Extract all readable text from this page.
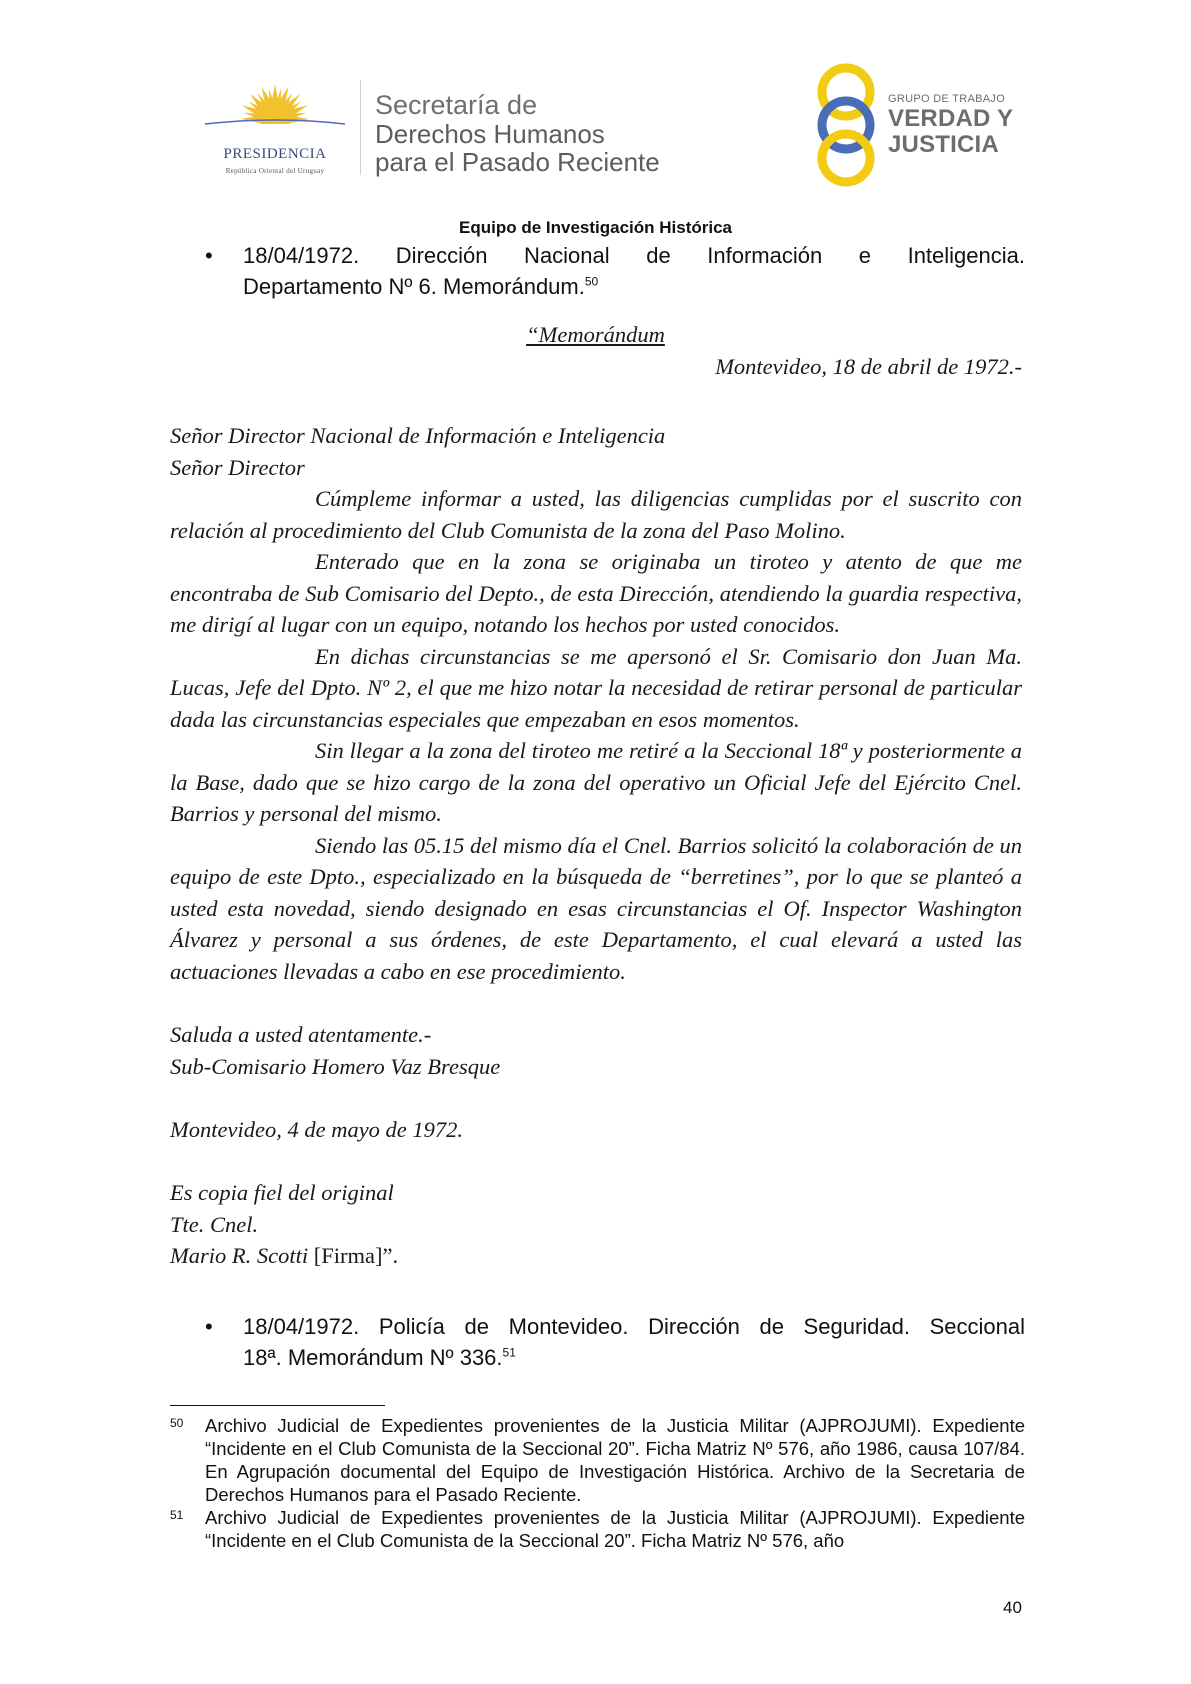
PRESIDENCIA
República Oriental del Uruguay
Secretaría de
Derechos Humanos
para el Pasado Reciente
GRUPO DE TRABAJO
VERDAD Y
JUSTICIA
Equipo de Investigación Histórica
• 18/04/1972. Dirección Nacional de Información e Inteligencia.
Departamento Nº 6. Memorándum.$^{50}$
“Memorándum
Montevideo, 18 de abril de 1972.-

Señor Director Nacional de Información e Inteligencia

Señor Director

Cúmpleme informar a usted, las diligencias cumplidas por el suscrito con relación al procedimiento del Club Comunista de la zona del Paso Molino.

Enterado que en la zona se originaba un tiroteo y atento de que me encontraba de Sub Comisario del Depto., de esta Dirección, atendiendo la guardia respectiva, me dirigí al lugar con un equipo, notando los hechos por usted conocidos.

En dichas circunstancias se me apersonó el Sr. Comisario don Juan Ma. Lucas, Jefe del Dpto. Nº 2, el que me hizo notar la necesidad de retirar personal de particular dada las circunstancias especiales que empezaban en esos momentos.

Sin llegar a la zona del tiroteo me retiré a la Seccional 18ª y posteriormente a la Base, dado que se hizo cargo de la zona del operativo un Oficial Jefe del Ejército Cnel. Barrios y personal del mismo.

Siendo las 05.15 del mismo día el Cnel. Barrios solicitó la colaboración de un equipo de este Dpto., especializado en la búsqueda de “berretines”, por lo que se planteó a usted esta novedad, siendo designado en esas circunstancias el Of. Inspector Washington Álvarez y personal a sus órdenes, de este Departamento, el cual elevará a usted las actuaciones llevadas a cabo en ese procedimiento.

Saluda a usted atentamente.-

Sub-Comisario Homero Vaz Bresque

Montevideo, 4 de mayo de 1972.

Es copia fiel del original

Tte. Cnel.

Mario R. Scotti [Firma]”.

• 18/04/1972. Policía de Montevideo. Dirección de Seguridad. Seccional
18ª. Memorándum Nº 336.51
50 Archivo Judicial de Expedientes provenientes de la Justicia Militar (AJPROJUMI). Expediente “Incidente en el Club Comunista de la Seccional 20”. Ficha Matriz Nº 576, año 1986, causa 107/84. En Agrupación documental del Equipo de Investigación Histórica. Archivo de la Secretaria de Derechos Humanos para el Pasado Reciente.
51 Archivo Judicial de Expedientes provenientes de la Justicia Militar (AJPROJUMI). Expediente “Incidente en el Club Comunista de la Seccional 20”. Ficha Matriz Nº 576, año
40
